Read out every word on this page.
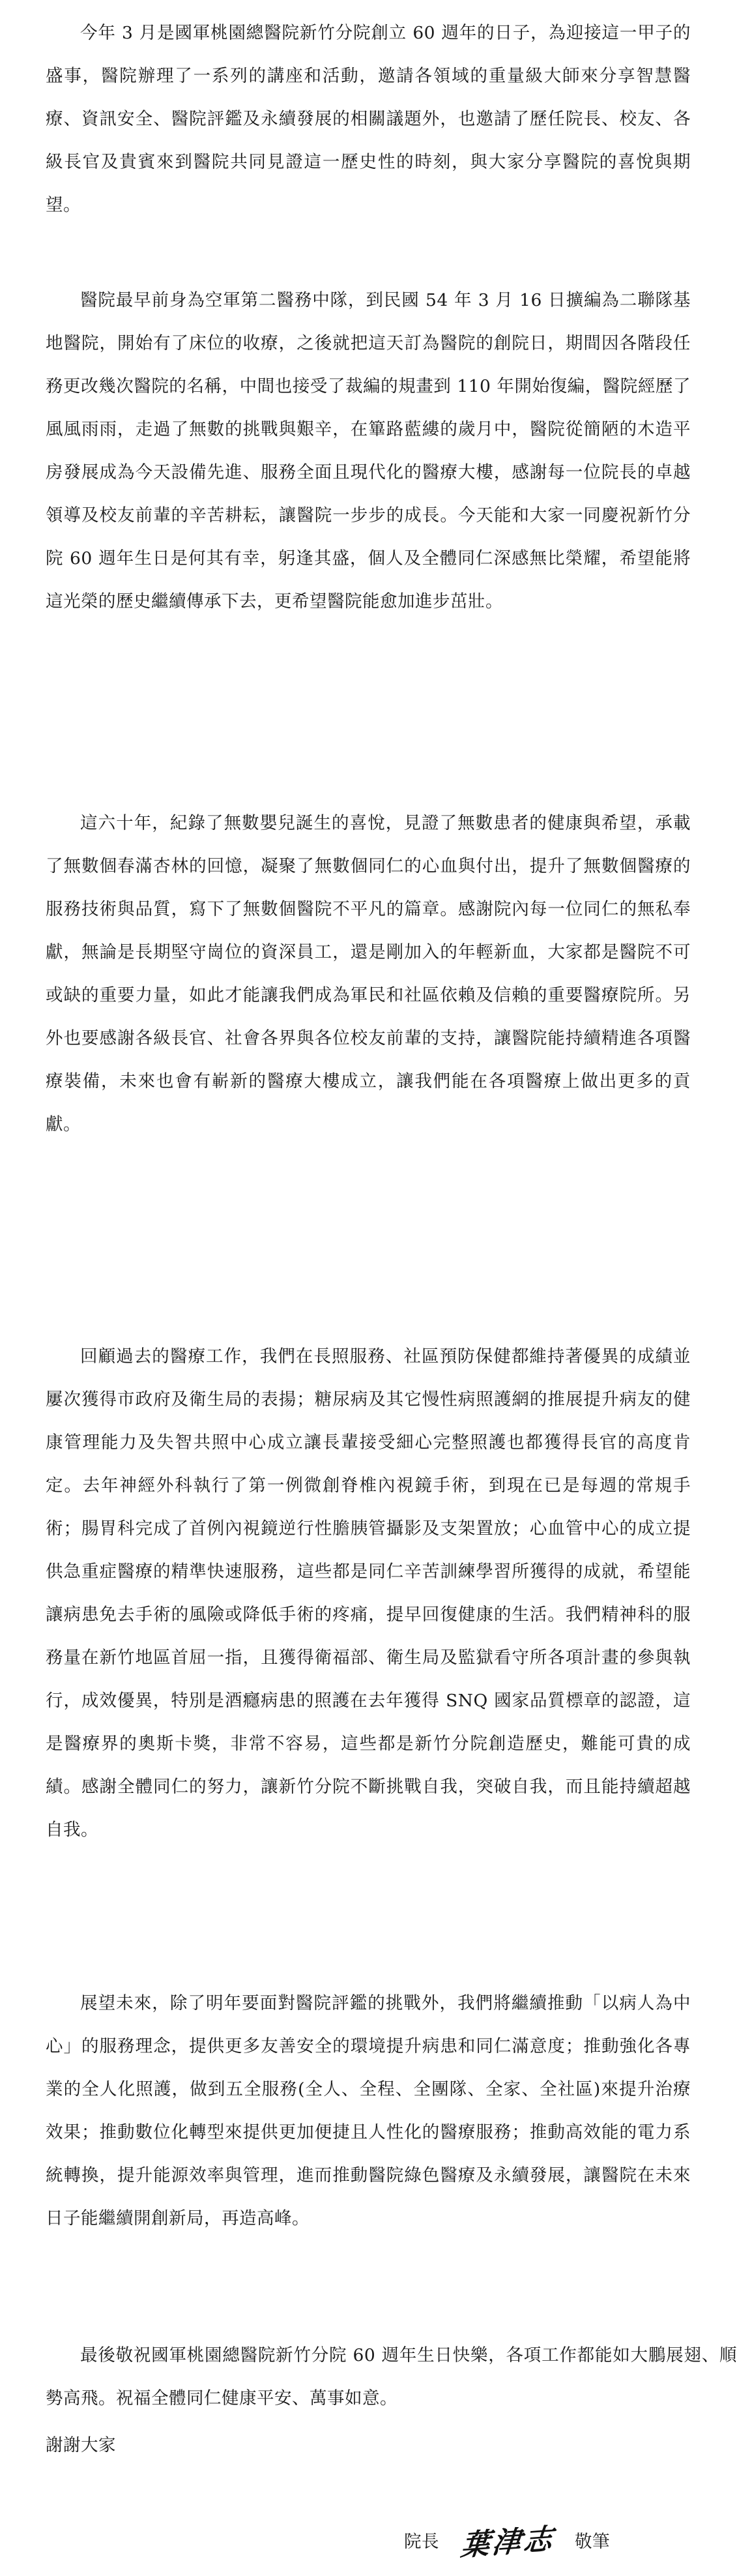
今年 3 月是國軍桃園總醫院新竹分院創立 60 週年的日子，為迎接這一甲子的盛事，醫院辦理了一系列的講座和活動，邀請各領域的重量級大師來分享智慧醫療、資訊安全、醫院評鑑及永續發展的相關議題外，也邀請了歷任院長、校友、各級長官及貴賓來到醫院共同見證這一歷史性的時刻，與大家分享醫院的喜悅與期望。

醫院最早前身為空軍第二醫務中隊，到民國 54 年 3 月 16 日擴編為二聯隊基地醫院，開始有了床位的收療，之後就把這天訂為醫院的創院日，期間因各階段任務更改幾次醫院的名稱，中間也接受了裁編的規畫到 110 年開始復編，醫院經歷了風風雨雨，走過了無數的挑戰與艱辛，在篳路藍縷的歲月中，醫院從簡陋的木造平房發展成為今天設備先進、服務全面且現代化的醫療大樓，感謝每一位院長的卓越領導及校友前輩的辛苦耕耘，讓醫院一步步的成長。今天能和大家一同慶祝新竹分院 60 週年生日是何其有幸，躬逢其盛，個人及全體同仁深感無比榮耀，希望能將這光榮的歷史繼續傳承下去，更希望醫院能愈加進步茁壯。

這六十年，紀錄了無數嬰兒誕生的喜悅，見證了無數患者的健康與希望，承載了無數個春滿杏林的回憶，凝聚了無數個同仁的心血與付出，提升了無數個醫療的服務技術與品質，寫下了無數個醫院不平凡的篇章。感謝院內每一位同仁的無私奉獻，無論是長期堅守崗位的資深員工，還是剛加入的年輕新血，大家都是醫院不可或缺的重要力量，如此才能讓我們成為軍民和社區依賴及信賴的重要醫療院所。另外也要感謝各級長官、社會各界與各位校友前輩的支持，讓醫院能持續精進各項醫療裝備，未來也會有嶄新的醫療大樓成立，讓我們能在各項醫療上做出更多的貢獻。

回顧過去的醫療工作，我們在長照服務、社區預防保健都維持著優異的成績並屢次獲得市政府及衛生局的表揚；糖尿病及其它慢性病照護網的推展提升病友的健康管理能力及失智共照中心成立讓長輩接受細心完整照護也都獲得長官的高度肯定。去年神經外科執行了第一例微創脊椎內視鏡手術，到現在已是每週的常規手術；腸胃科完成了首例內視鏡逆行性膽胰管攝影及支架置放；心血管中心的成立提供急重症醫療的精準快速服務，這些都是同仁辛苦訓練學習所獲得的成就，希望能讓病患免去手術的風險或降低手術的疼痛，提早回復健康的生活。我們精神科的服務量在新竹地區首屈一指，且獲得衛福部、衛生局及監獄看守所各項計畫的參與執行，成效優異，特別是酒癮病患的照護在去年獲得 SNQ 國家品質標章的認證，這是醫療界的奧斯卡獎，非常不容易，這些都是新竹分院創造歷史，難能可貴的成績。感謝全體同仁的努力，讓新竹分院不斷挑戰自我，突破自我，而且能持續超越自我。

展望未來，除了明年要面對醫院評鑑的挑戰外，我們將繼續推動「以病人為中心」的服務理念，提供更多友善安全的環境提升病患和同仁滿意度；推動強化各專業的全人化照護，做到五全服務(全人、全程、全團隊、全家、全社區)來提升治療效果；推動數位化轉型來提供更加便捷且人性化的醫療服務；推動高效能的電力系統轉換，提升能源效率與管理，進而推動醫院綠色醫療及永續發展，讓醫院在未來日子能繼續開創新局，再造高峰。

最後敬祝國軍桃園總醫院新竹分院 60 週年生日快樂，各項工作都能如大鵬展翅、順勢高飛。祝福全體同仁健康平安、萬事如意。

謝謝大家

院長 葉津志 敬筆
